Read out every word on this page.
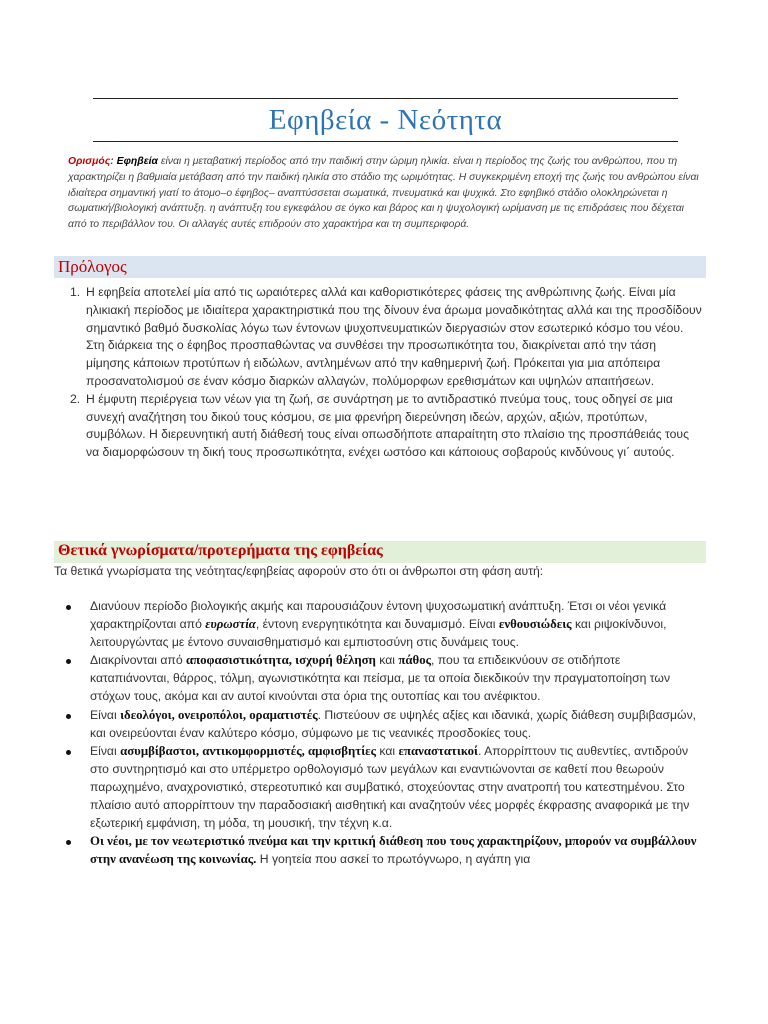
Εφηβεία - Νεότητα
Ορισμός: Εφηβεία είναι η μεταβατική περίοδος από την παιδική στην ώριμη ηλικία. είναι η περίοδος της ζωής του ανθρώπου, που τη χαρακτηρίζει η βαθμιαία μετάβαση από την παιδική ηλικία στο στάδιο της ωριμότητας. Η συγκεκριμένη εποχή της ζωής του ανθρώπου είναι ιδιαίτερα σημαντική γιατί το άτομο–ο έφηβος– αναπτύσσεται σωματικά, πνευματικά και ψυχικά. Στο εφηβικό στάδιο ολοκληρώνεται η σωματική/βιολογική ανάπτυξη. η ανάπτυξη του εγκεφάλου σε όγκο και βάρος και η ψυχολογική ωρίμανση με τις επιδράσεις που δέχεται από το περιβάλλον του. Οι αλλαγές αυτές επιδρούν στο χαρακτήρα και τη συμπεριφορά.
Πρόλογος
1. Η εφηβεία αποτελεί μία από τις ωραιότερες αλλά και καθοριστικότερες φάσεις της ανθρώπινης ζωής. Είναι μία ηλικιακή περίοδος με ιδιαίτερα χαρακτηριστικά που της δίνουν ένα άρωμα μοναδικότητας αλλά και της προσδίδουν σημαντικό βαθμό δυσκολίας λόγω των έντονων ψυχοπνευματικών διεργασιών στον εσωτερικό κόσμο του νέου. Στη διάρκεια της ο έφηβος προσπαθώντας να συνθέσει την προσωπικότητα του, διακρίνεται από την τάση μίμησης κάποιων προτύπων ή ειδώλων, αντλημένων από την καθημερινή ζωή. Πρόκειται για μια απόπειρα προσανατολισμού σε έναν κόσμο διαρκών αλλαγών, πολύμορφων ερεθισμάτων και υψηλών απαιτήσεων.
2. Η έμφυτη περιέργεια των νέων για τη ζωή, σε συνάρτηση με το αντιδραστικό πνεύμα τους, τους οδηγεί σε μια συνεχή αναζήτηση του δικού τους κόσμου, σε μια φρενήρη διερεύνηση ιδεών, αρχών, αξιών, προτύπων, συμβόλων. Η διερευνητική αυτή διάθεσή τους είναι οπωσδήποτε απαραίτητη στο πλαίσιο της προσπάθειάς τους να διαμορφώσουν τη δική τους προσωπικότητα, ενέχει ωστόσο και κάποιους σοβαρούς κινδύνους γι΄ αυτούς.
Θετικά γνωρίσματα/προτερήματα της εφηβείας
Τα θετικά γνωρίσματα της νεότητας/εφηβείας αφορούν στο ότι οι άνθρωποι στη φάση αυτή:
Διανύουν περίοδο βιολογικής ακμής και παρουσιάζουν έντονη ψυχοσωματική ανάπτυξη. Έτσι οι νέοι γενικά χαρακτηρίζονται από ευρωστία, έντονη ενεργητικότητα και δυναμισμό. Είναι ενθουσιώδεις και ριψοκίνδυνοι, λειτουργώντας με έντονο συναισθηματισμό και εμπιστοσύνη στις δυνάμεις τους.
Διακρίνονται από αποφασιστικότητα, ισχυρή θέληση και πάθος, που τα επιδεικνύουν σε οτιδήποτε καταπιάνονται, θάρρος, τόλμη, αγωνιστικότητα και πείσμα, με τα οποία διεκδικούν την πραγματοποίηση των στόχων τους, ακόμα και αν αυτοί κινούνται στα όρια της ουτοπίας και του ανέφικτου.
Είναι ιδεολόγοι, ονειροπόλοι, οραματιστές. Πιστεύουν σε υψηλές αξίες και ιδανικά, χωρίς διάθεση συμβιβασμών, και ονειρεύονται έναν καλύτερο κόσμο, σύμφωνο με τις νεανικές προσδοκίες τους.
Είναι ασυμβίβαστοι, αντικομφορμιστές, αμφισβητίες και επαναστατικοί. Απορρίπτουν τις αυθεντίες, αντιδρούν στο συντηρητισμό και στο υπέρμετρο ορθολογισμό των μεγάλων και εναντιώνονται σε καθετί που θεωρούν παρωχημένο, αναχρονιστικό, στερεοτυπικό και συμβατικό, στοχεύοντας στην ανατροπή του κατεστημένου. Στο πλαίσιο αυτό απορρίπτουν την παραδοσιακή αισθητική και αναζητούν νέες μορφές έκφρασης αναφορικά με την εξωτερική εμφάνιση, τη μόδα, τη μουσική, την τέχνη κ.α.
Οι νέοι, με τον νεωτεριστικό πνεύμα και την κριτική διάθεση που τους χαρακτηρίζουν, μπορούν να συμβάλλουν στην ανανέωση της κοινωνίας. Η γοητεία που ασκεί το πρωτόγνωρο, η αγάπη για
